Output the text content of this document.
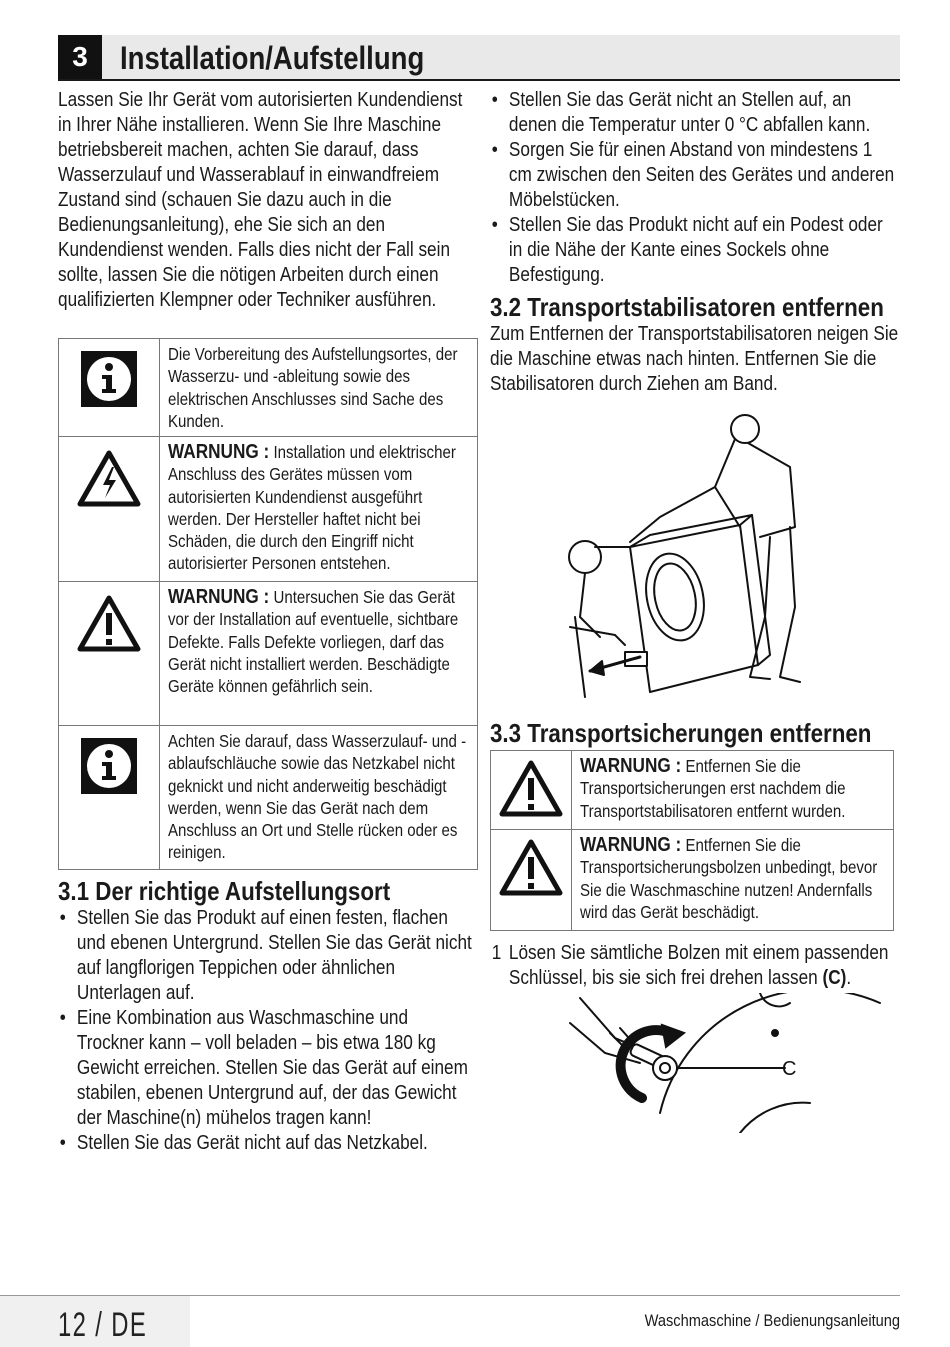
3	Installation/Aufstellung

Lassen Sie Ihr Gerät vom autorisierten Kundendienst in Ihrer Nähe installieren. Wenn Sie Ihre Maschine betriebsbereit machen, achten Sie darauf, dass Wasserzulauf und Wasserablauf in einwandfreiem Zustand sind (schauen Sie dazu auch in die Bedienungsanleitung), ehe Sie sich an den Kundendienst wenden. Falls dies nicht der Fall sein sollte, lassen Sie die nötigen Arbeiten durch einen qualifizierten Klempner oder Techniker ausführen.

Die Vorbereitung des Aufstellungsortes, der Wasserzu- und -ableitung sowie des elektrischen Anschlusses sind Sache des Kunden.

WARNUNG : Installation und elektrischer Anschluss des Gerätes müssen vom autorisierten Kundendienst ausgeführt werden. Der Hersteller haftet nicht bei Schäden, die durch den Eingriff nicht autorisierter Personen entstehen.

WARNUNG : Untersuchen Sie das Gerät vor der Installation auf eventuelle, sichtbare Defekte. Falls Defekte vorliegen, darf das Gerät nicht installiert werden. Beschädigte Geräte können gefährlich sein.

Achten Sie darauf, dass Wasserzulauf- und -ablaufschläuche sowie das Netzkabel nicht geknickt und nicht anderweitig beschädigt werden, wenn Sie das Gerät nach dem Anschluss an Ort und Stelle rücken oder es reinigen.

3.1 Der richtige Aufstellungsort
• Stellen Sie das Produkt auf einen festen, flachen und ebenen Untergrund. Stellen Sie das Gerät nicht auf langflorigen Teppichen oder ähnlichen Unterlagen auf.
• Eine Kombination aus Waschmaschine und Trockner kann – voll beladen – bis etwa 180 kg Gewicht erreichen. Stellen Sie das Gerät auf einem stabilen, ebenen Untergrund auf, der das Gewicht der Maschine(n) mühelos tragen kann!
• Stellen Sie das Gerät nicht auf das Netzkabel.
• Stellen Sie das Gerät nicht an Stellen auf, an denen die Temperatur unter 0 °C abfallen kann.
• Sorgen Sie für einen Abstand von mindestens 1 cm zwischen den Seiten des Gerätes und anderen Möbelstücken.
• Stellen Sie das Produkt nicht auf ein Podest oder in die Nähe der Kante eines Sockels ohne Befestigung.
3.2 Transportstabilisatoren entfernen

Zum Entfernen der Transportstabilisatoren neigen Sie die Maschine etwas nach hinten. Entfernen Sie die Stabilisatoren durch Ziehen am Band.

3.3 Transportsicherungen entfernen

WARNUNG : Entfernen Sie die Transportsicherungen erst nachdem die Transportstabilisatoren entfernt wurden.

WARNUNG : Entfernen Sie die Transportsicherungsbolzen unbedingt, bevor Sie die Waschmaschine nutzen! Andernfalls wird das Gerät beschädigt.

1 Lösen Sie sämtliche Bolzen mit einem passenden Schlüssel, bis sie sich frei drehen lassen (C).
C
12 / DE	Waschmaschine / Bedienungsanleitung
